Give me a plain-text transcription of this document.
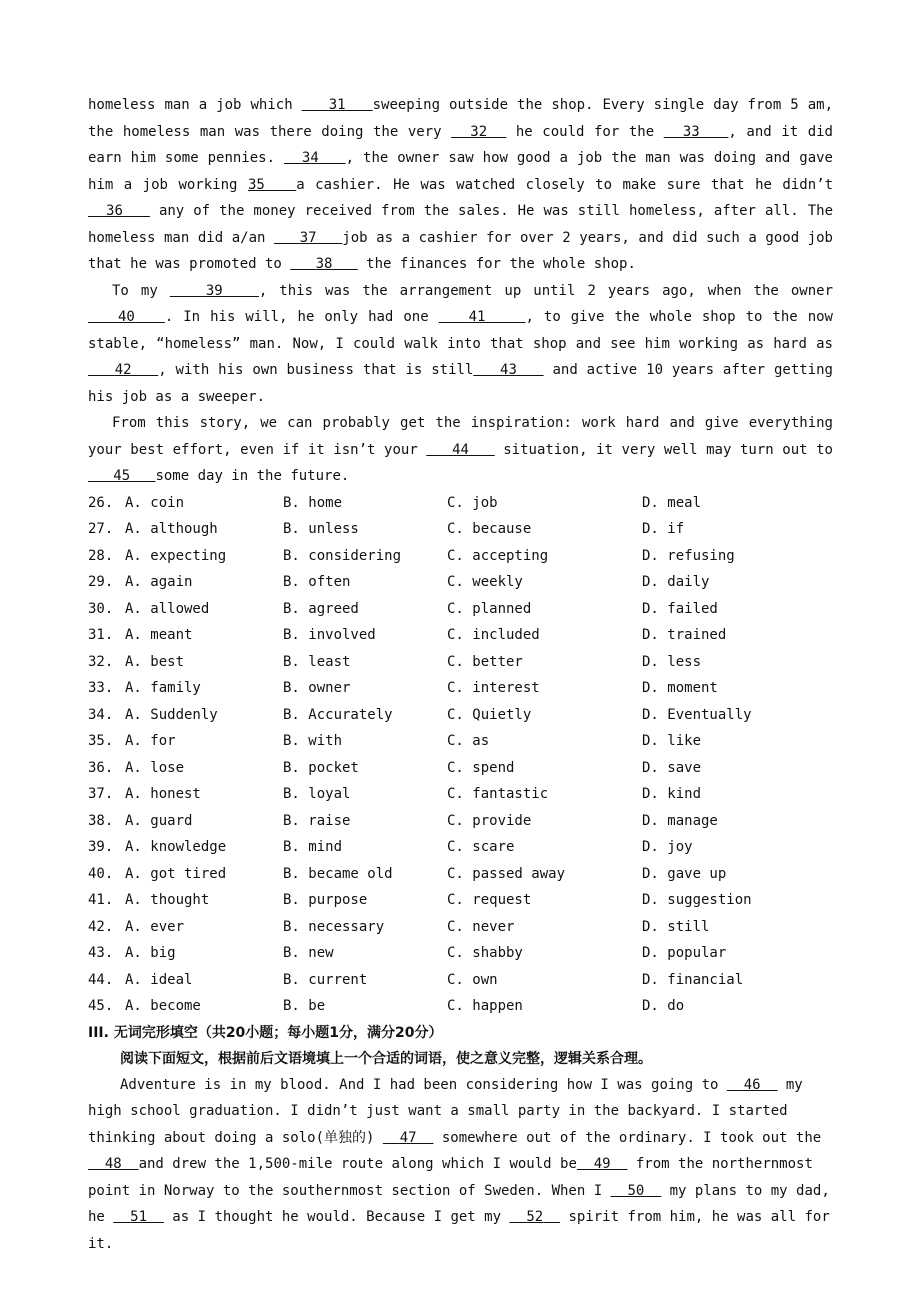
homeless man a job which    31 sweeping outside the shop. Every single day from 5 am, the homeless man was there doing the very   32   he could for the   33 , and it did earn him some pennies.   34 , the owner saw how good a job the man was doing and gave him a job working 35 a cashier. He was watched closely to make sure that he didn’t   36    any of the money received from the sales. He was still homeless, after all. The homeless man did a/an    37 job as a cashier for over 2 years, and did such a good job that he was promoted to    38    the finances for the whole shop.

To my	39	, this was the arrangement up until 2 years ago, when the owner    40 . In his will, he only had one    41	, to give the whole shop to the now stable, “homeless” man. Now, I could walk into that shop and see him working as hard as   42 , with his own business that is still 43    and active 10 years after getting his job as a sweeper.

From this story, we can probably get the inspiration: work hard and give everything your best effort, even if it isn’t your    44    situation, it very well may turn out to    45 some day in the future.

26. A. coin	B. home	C. job	D. meal
27. A. although	B. unless	C. because	D. if
28. A. expecting	B. considering	C. accepting	D. refusing
29. A. again	B. often	C. weekly	D. daily
30. A. allowed	B. agreed	C. planned	D. failed
31. A. meant	B. involved	C. included	D. trained
32. A. best	B. least	C. better	D. less
33. A. family	B. owner	C. interest	D. moment
34. A. Suddenly	B. Accurately	C. Quietly	D. Eventually
35. A. for	B. with	C. as	D. like
36. A. lose	B. pocket	C. spend	D. save
37. A. honest	B. loyal	C. fantastic	D. kind
38. A. guard	B. raise	C. provide	D. manage
39. A. knowledge	B. mind	C. scare	D. joy
40. A. got tired	B. became old	C. passed away	D. gave up
41. A. thought	B. purpose	C. request	D. suggestion
42. A. ever	B. necessary	C. never	D. still
43. A. big	B. new	C. shabby	D. popular
44. A. ideal	B. current	C. own	D. financial
45. A. become	B. be	C. happen	D. do

III. 无词完形填空（共20小题；每小题1分，满分20分）

阅读下面短文，根据前后文语境填上一个合适的词语，使之意义完整，逻辑关系合理。

Adventure is in my blood. And I had been considering how I was going to   46   my high school graduation. I didn’t just want a small party in the backyard. I started thinking about doing a solo(单独的)   47   somewhere out of the ordinary. I took out the   48 and drew the 1,500-mile route along which I would be 49   from the northernmost point in Norway to the southernmost section of Sweden. When I   50   my plans to my dad, he   51   as I thought he would. Because I get my   52   spirit from him, he was all for it.
